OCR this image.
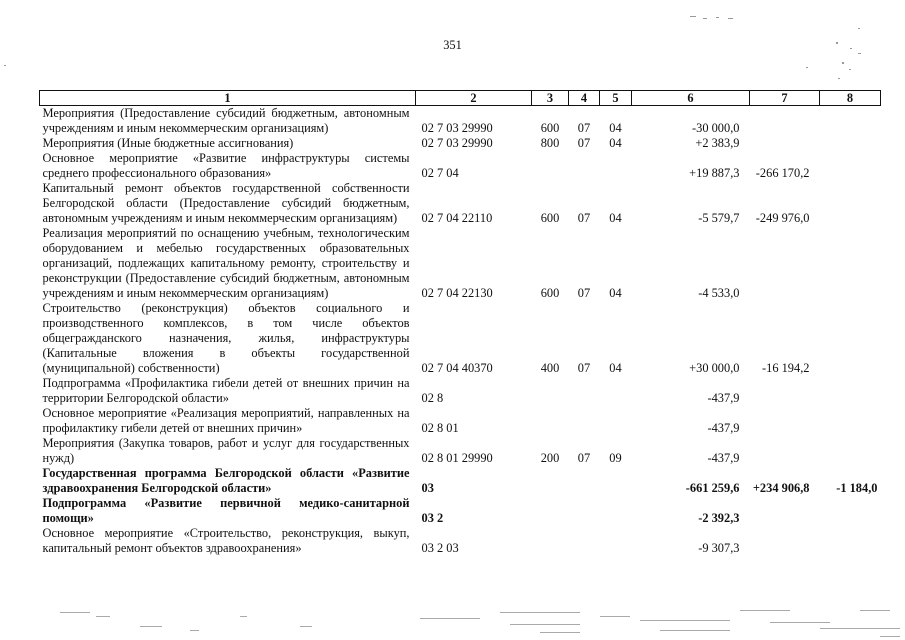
351
1	2	3	4	5	6	7	8
Мероприятия (Предоставление субсидий бюджетным, автономным учреждениям и иным некоммерческим организациям)	02 7 03 29990	600	07	04	-30 000,0		
Мероприятия (Иные бюджетные ассигнования)	02 7 03 29990	800	07	04	+2 383,9		
Основное мероприятие «Развитие инфраструктуры системы среднего профессионального образования»	02 7 04				+19 887,3	-266 170,2	
Капитальный ремонт объектов государственной собственности Белгородской области (Предоставление субсидий бюджетным, автономным учреждениям и иным некоммерческим организациям)	02 7 04 22110	600	07	04	-5 579,7	-249 976,0	
Реализация мероприятий по оснащению учебным, технологическим оборудованием и мебелью государственных образовательных организаций, подлежащих капитальному ремонту, строительству и реконструкции (Предоставление субсидий бюджетным, автономным учреждениям и иным некоммерческим организациям)	02 7 04 22130	600	07	04	-4 533,0		
Строительство (реконструкция) объектов социального и производственного комплексов, в том числе объектов общегражданского назначения, жилья, инфраструктуры (Капитальные вложения в объекты государственной (муниципальной) собственности)	02 7 04 40370	400	07	04	+30 000,0	-16 194,2	
Подпрограмма «Профилактика гибели детей от внешних причин на территории Белгородской области»	02 8				-437,9		
Основное мероприятие «Реализация мероприятий, направленных на профилактику гибели детей от внешних причин»	02 8 01				-437,9		
Мероприятия (Закупка товаров, работ и услуг для государственных нужд)	02 8 01 29990	200	07	09	-437,9		
Государственная программа Белгородской области «Развитие здравоохранения Белгородской области»	03				-661 259,6	+234 906,8	-1 184,0
Подпрограмма «Развитие первичной медико-санитарной помощи»	03 2				-2 392,3		
Основное мероприятие «Строительство, реконструкция, выкуп, капитальный ремонт объектов здравоохранения»	03 2 03				-9 307,3		
